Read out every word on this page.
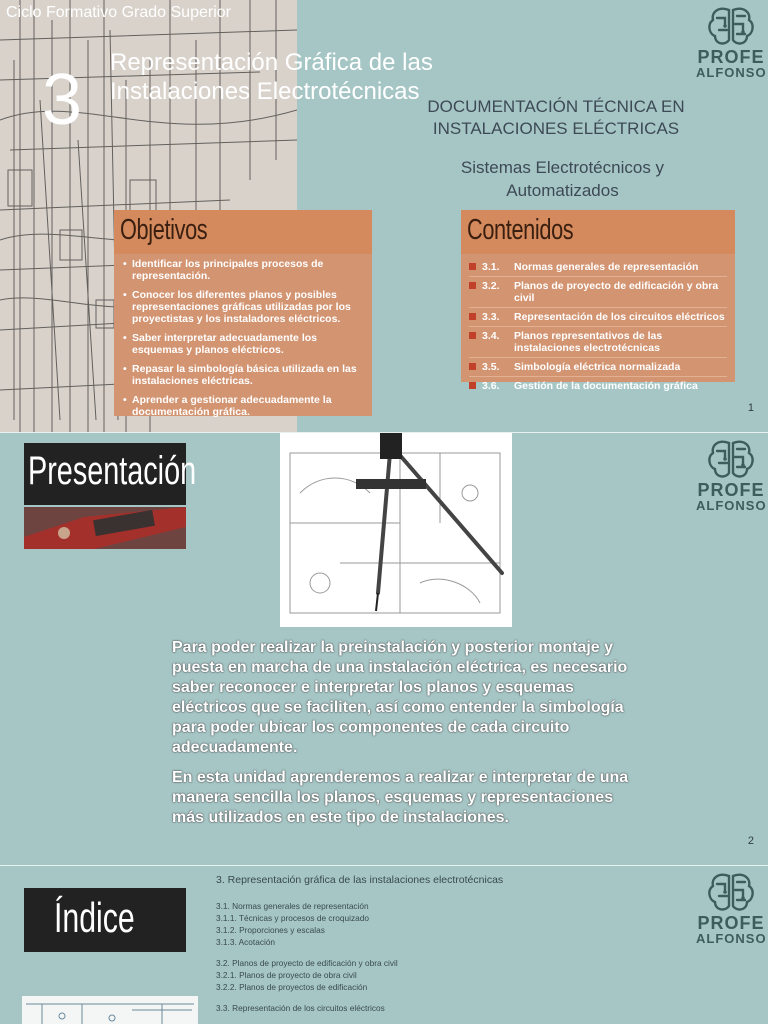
Ciclo Formativo Grado Superior
3 Representación Gráfica de las Instalaciones Electrotécnicas
DOCUMENTACIÓN TÉCNICA EN INSTALACIONES ELÉCTRICAS
Sistemas Electrotécnicos y Automatizados
PROFE
ALFONSO
Objetivos
• Identificar los principales procesos de representación.
• Conocer los diferentes planos y posibles representaciones gráficas utilizadas por los proyectistas y los instaladores eléctricos.
• Saber interpretar adecuadamente los esquemas y planos eléctricos.
• Repasar la simbología básica utilizada en las instalaciones eléctricas.
• Aprender a gestionar adecuadamente la documentación gráfica.
Contenidos
3.1.	Normas generales de representación
3.2.	Planos de proyecto de edificación y obra civil
3.3.	Representación de los circuitos eléctricos
3.4.	Planos representativos de las instalaciones electrotécnicas
3.5.	Simbología eléctrica normalizada
3.6.	Gestión de la documentación gráfica
1
Presentación	PROFE
ALFONSO

Para poder realizar la preinstalación y posterior montaje y puesta en marcha de una instalación eléctrica, es necesario saber reconocer e interpretar los planos y esquemas eléctricos que se faciliten, así como entender la simbología para poder ubicar los componentes de cada circuito adecuadamente.

En esta unidad aprenderemos a realizar e interpretar de una manera sencilla los planos, esquemas y representaciones más utilizados en este tipo de instalaciones.

2
Índice
3. Representación gráfica de las instalaciones electrotécnicas
3.1. Normas generales de representación
3.1.1. Técnicas y procesos de croquizado
3.1.2. Proporciones y escalas
3.1.3. Acotación
3.2. Planos de proyecto de edificación y obra civil
3.2.1. Planos de proyecto de obra civil
3.2.2. Planos de proyectos de edificación
3.3. Representación de los circuitos eléctricos
PROFE
ALFONSO
